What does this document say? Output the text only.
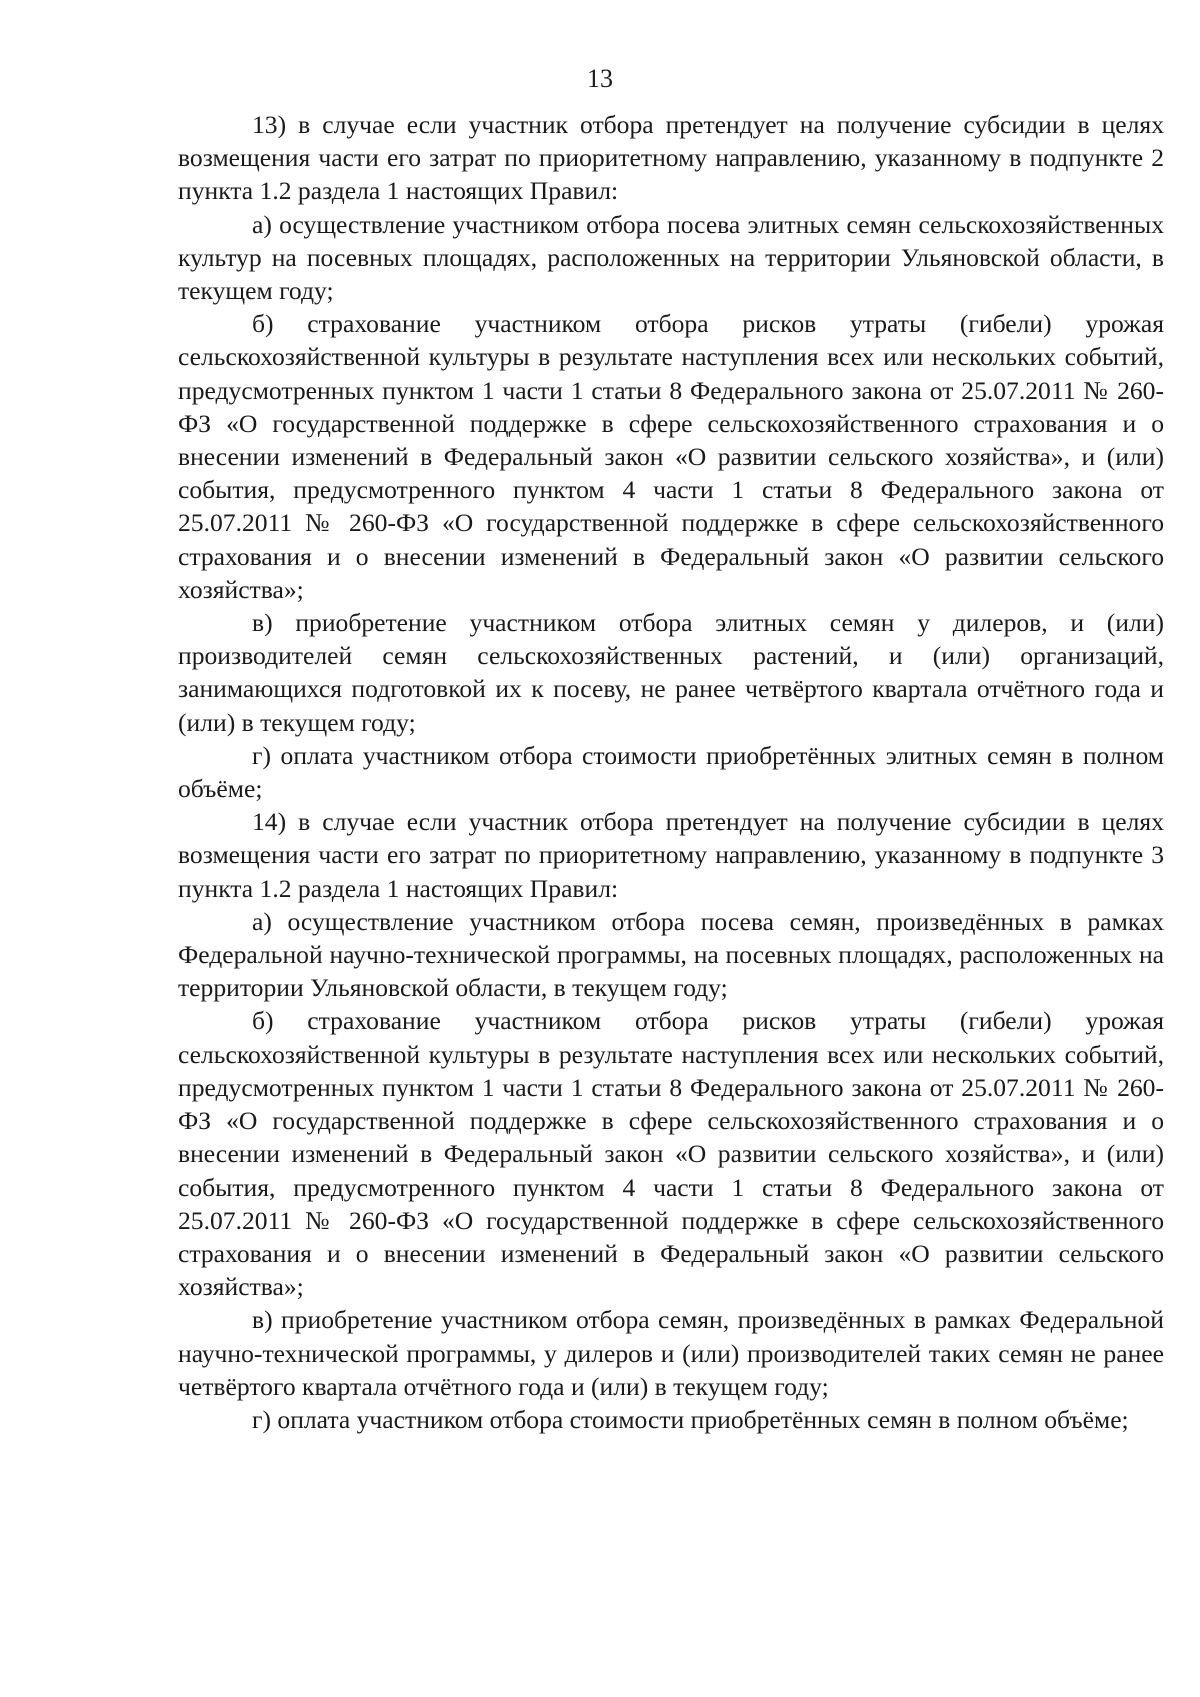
13

13) в случае если участник отбора претендует на получение субсидии в целях возмещения части его затрат по приоритетному направлению, указанному в подпункте 2 пункта 1.2 раздела 1 настоящих Правил:

а) осуществление участником отбора посева элитных семян сельскохозяйственных культур на посевных площадях, расположенных на территории Ульяновской области, в текущем году;

б) страхование участником отбора рисков утраты (гибели) урожая сельскохозяйственной культуры в результате наступления всех или нескольких событий, предусмотренных пунктом 1 части 1 статьи 8 Федерального закона от 25.07.2011 № 260-ФЗ «О государственной поддержке в сфере сельскохозяйственного страхования и о внесении изменений в Федеральный закон «О развитии сельского хозяйства», и (или) события, предусмотренного пунктом 4 части 1 статьи 8 Федерального закона от 25.07.2011 № 260-ФЗ «О государственной поддержке в сфере сельскохозяйственного страхования и о внесении изменений в Федеральный закон «О развитии сельского хозяйства»;

в) приобретение участником отбора элитных семян у дилеров, и (или) производителей семян сельскохозяйственных растений, и (или) организаций, занимающихся подготовкой их к посеву, не ранее четвёртого квартала отчётного года и (или) в текущем году;

г) оплата участником отбора стоимости приобретённых элитных семян в полном объёме;

14) в случае если участник отбора претендует на получение субсидии в целях возмещения части его затрат по приоритетному направлению, указанному в подпункте 3 пункта 1.2 раздела 1 настоящих Правил:

а) осуществление участником отбора посева семян, произведённых в рамках Федеральной научно-технической программы, на посевных площадях, расположенных на территории Ульяновской области, в текущем году;

б) страхование участником отбора рисков утраты (гибели) урожая сельскохозяйственной культуры в результате наступления всех или нескольких событий, предусмотренных пунктом 1 части 1 статьи 8 Федерального закона от 25.07.2011 № 260-ФЗ «О государственной поддержке в сфере сельскохозяйственного страхования и о внесении изменений в Федеральный закон «О развитии сельского хозяйства», и (или) события, предусмотренного пунктом 4 части 1 статьи 8 Федерального закона от 25.07.2011 № 260-ФЗ «О государственной поддержке в сфере сельскохозяйственного страхования и о внесении изменений в Федеральный закон «О развитии сельского хозяйства»;

в) приобретение участником отбора семян, произведённых в рамках Федеральной научно-технической программы, у дилеров и (или) производителей таких семян не ранее четвёртого квартала отчётного года и (или) в текущем году;

г) оплата участником отбора стоимости приобретённых семян в полном объёме;
